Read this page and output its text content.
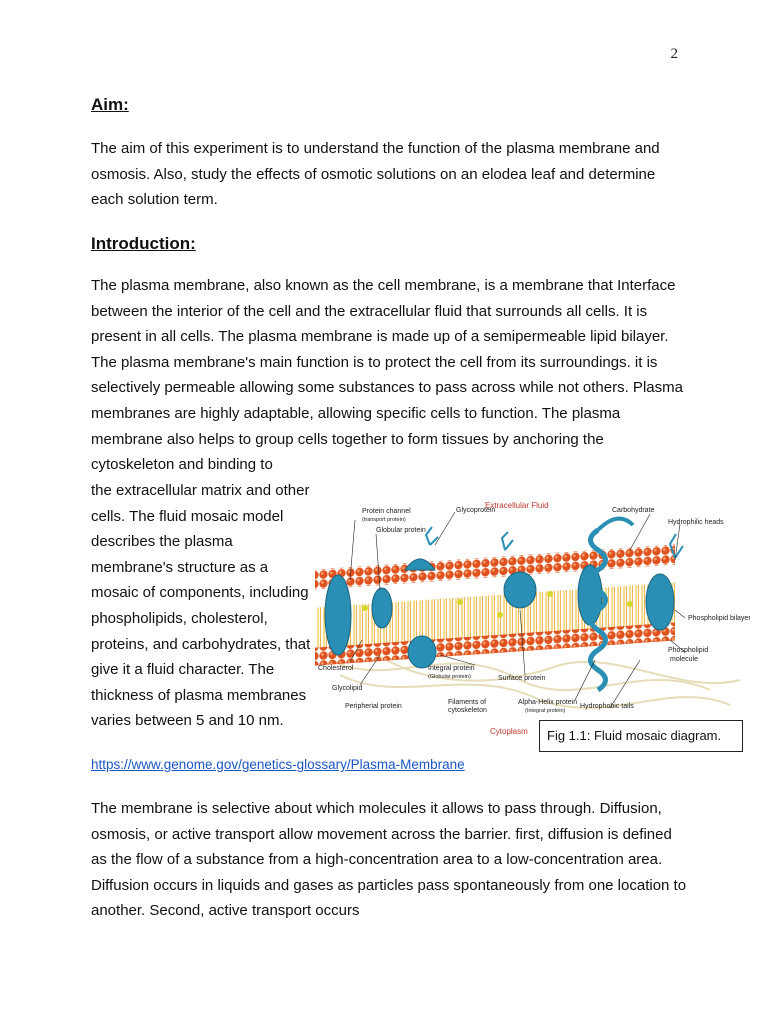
2
Aim:

The aim of this experiment is to understand the function of the plasma membrane and osmosis. Also, study the effects of osmotic solutions on an elodea leaf and determine each solution term.

Introduction:

The plasma membrane, also known as the cell membrane, is a membrane that Interface between the interior of the cell and the extracellular fluid that surrounds all cells. It is present in all cells. The plasma membrane is made up of a semipermeable lipid bilayer. The plasma membrane's main function is to protect the cell from its surroundings. it is selectively permeable allowing some substances to pass across while not others. Plasma membranes are highly adaptable, allowing specific cells to function. The plasma membrane also helps to group cells together to form tissues by anchoring the cytoskeleton and binding to

the extracellular matrix and other cells. The fluid mosaic model describes the plasma membrane's structure as a mosaic of components, including phospholipids, cholesterol, proteins, and carbohydrates, that give it a fluid character. The thickness of plasma membranes varies between 5 and 10 nm.

https://www.genome.gov/genetics-glossary/Plasma-Membrane

The membrane is selective about which molecules it allows to pass through. Diffusion, osmosis, or active transport allow movement across the barrier. first, diffusion is defined as the flow of a substance from a high-concentration area to a low-concentration area. Diffusion occurs in liquids and gases as particles pass spontaneously from one location to another. Second, active transport occurs

Extracellular Fluid
Protein channel
(transport protein)
Globular protein
Glycoprotein	Carbohydrate
Hydrophilic heads
Phospholipid bilayer
Phospholipid
molecule
Cholesterol
Glycolipid
Peripherial protein
Integral protein
(Globular protein)	Surface protein
Filaments of
cytoskeleton
Alpha-Helix protein
(Integral protein)
Hydrophobic tails
Cytoplasm	Fig 1.1: Fluid mosaic diagram.
